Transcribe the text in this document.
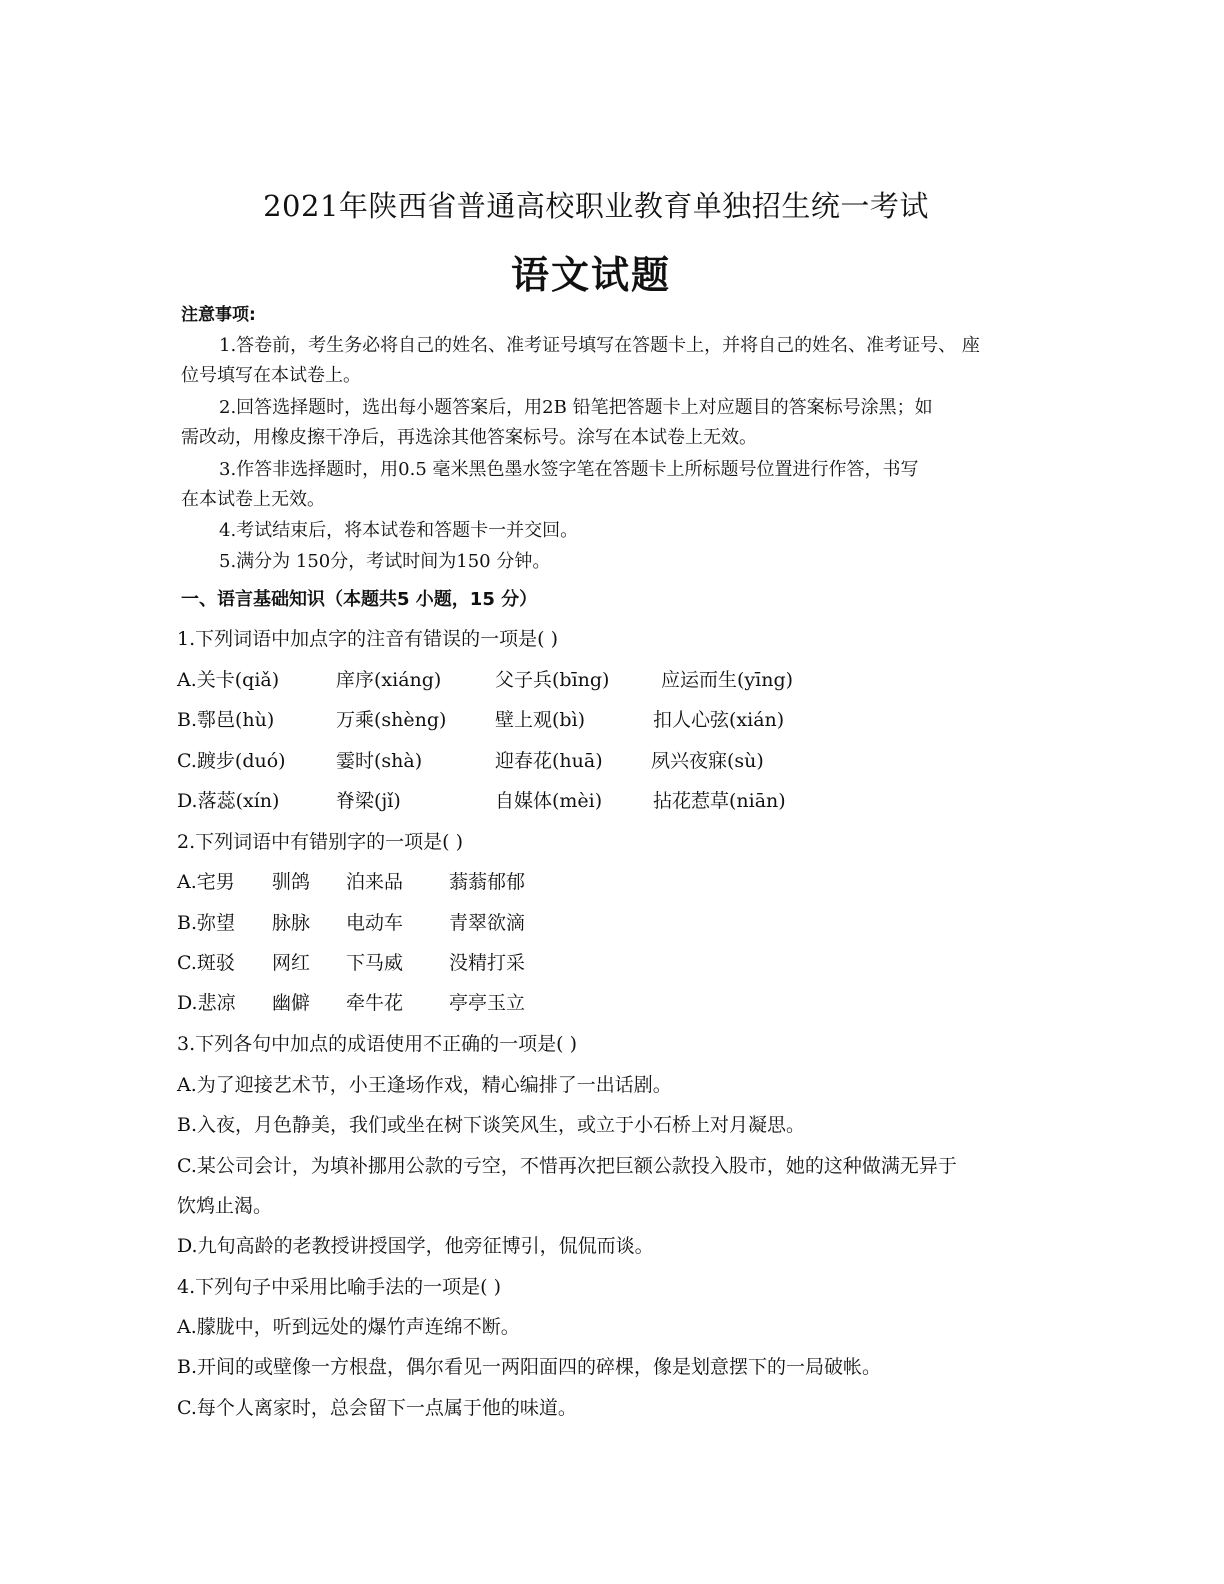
2021年陕西省普通高校职业教育单独招生统一考试
语文试题
注意事项:
1.答卷前，考生务必将自己的姓名、准考证号填写在答题卡上，并将自己的姓名、准考证号、 座
位号填写在本试卷上。
2.回答选择题时，选出每小题答案后，用2B 铅笔把答题卡上对应题目的答案标号涂黑；如
需改动，用橡皮擦干净后，再选涂其他答案标号。涂写在本试卷上无效。
3.作答非选择题时，用0.5 毫米黑色墨水签字笔在答题卡上所标题号位置进行作答，书写
在本试卷上无效。
4.考试结束后，将本试卷和答题卡一并交回。
5.满分为 150分，考试时间为150 分钟。
一、语言基础知识（本题共5 小题，15 分）
1.下列词语中加点字的注音有错误的一项是( )
A.关卡(qiǎ)	庠序(xiáng)	父子兵(bīng)	应运而生(yīng)
B.鄠邑(hù)	万乘(shèng)	壁上观(bì)	扣人心弦(xián)
C.踱步(duó)	霎时(shà)	迎春花(huā)	夙兴夜寐(sù)
D.落蕊(xín)	脊梁(jǐ)	自媒体(mèi)	拈花惹草(niān)
2.下列词语中有错别字的一项是( )
A.宅男 驯鸽 泊来品 蓊蓊郁郁
B.弥望 脉脉 电动车 青翠欲滴
C.斑驳 网红 下马威 没精打采
D.悲凉 幽僻 牵牛花 亭亭玉立
3.下列各句中加点的成语使用不正确的一项是( )
A.为了迎接艺术节，小王逢场作戏，精心编排了一出话剧。
B.入夜，月色静美，我们或坐在树下谈笑风生，或立于小石桥上对月凝思。
C.某公司会计，为填补挪用公款的亏空，不惜再次把巨额公款投入股市，她的这种做满无异于
饮鸩止渴。
D.九旬高龄的老教授讲授国学，他旁征博引，侃侃而谈。
4.下列句子中采用比喻手法的一项是( )
A.朦胧中，听到远处的爆竹声连绵不断。
B.开间的或壁像一方根盘，偶尔看见一两阳面四的碎棵，像是划意摆下的一局破帐。
C.每个人离家时，总会留下一点属于他的味道。
